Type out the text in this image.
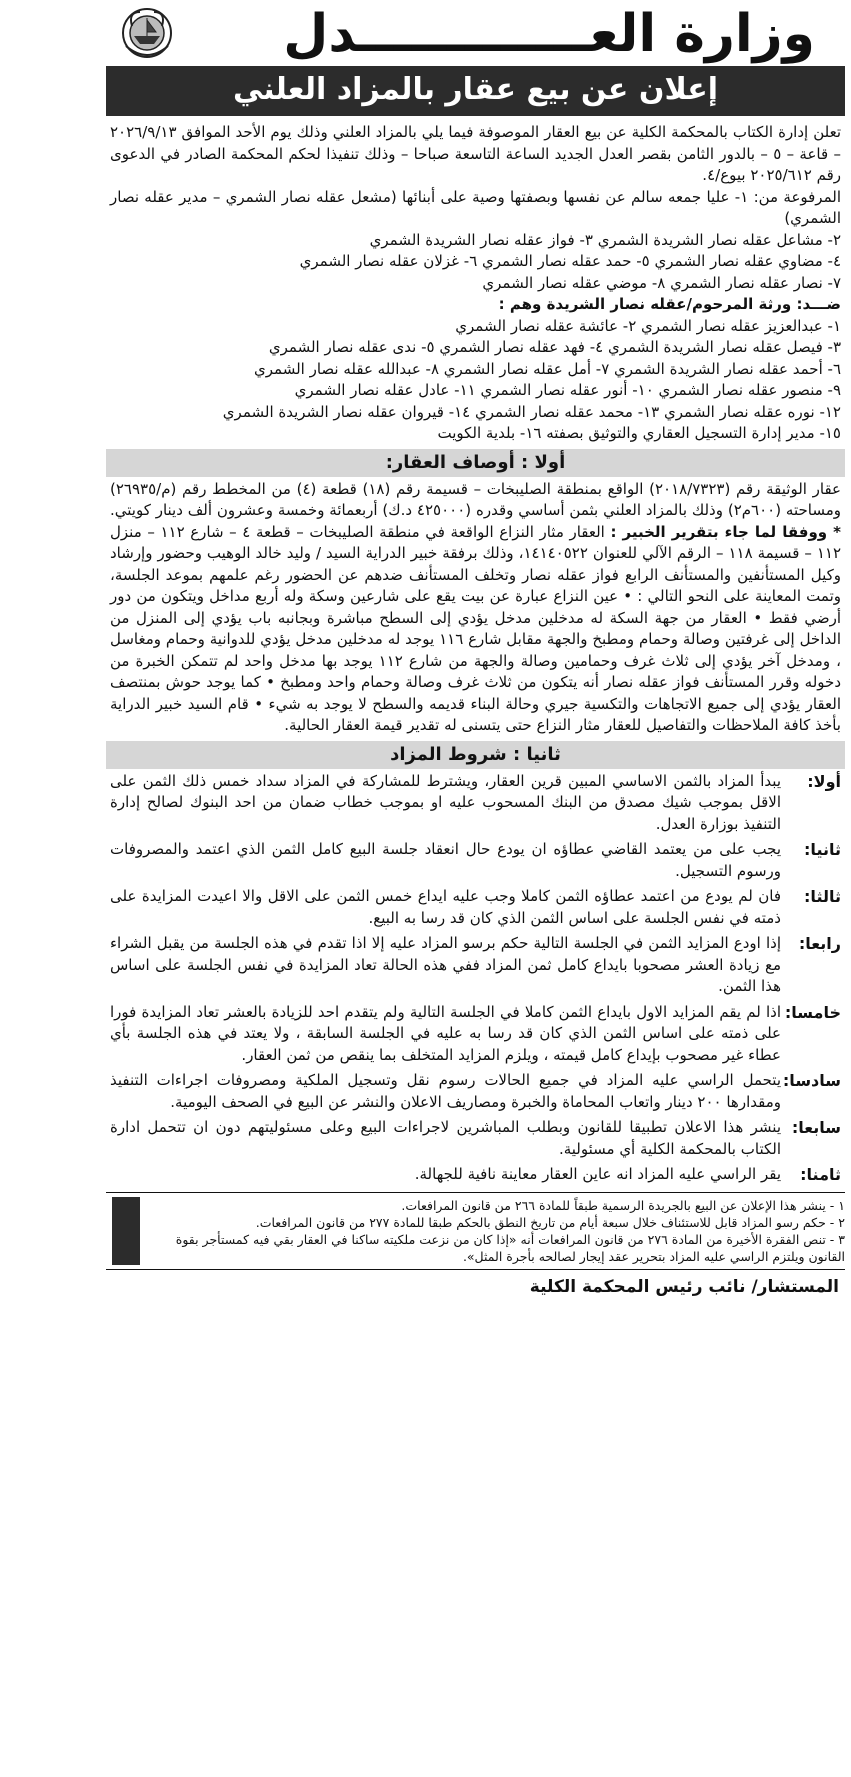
وزارة العـــــــــــــدل
إعلان عن بيع عقار بالمزاد العلني

تعلن إدارة الكتاب بالمحكمة الكلية عن بيع العقار الموصوفة فيما يلي بالمزاد العلني وذلك يوم الأحد الموافق ٢٠٢٦/٩/١٣ – قاعة – ٥ – بالدور الثامن بقصر العدل الجديد الساعة التاسعة صباحا – وذلك تنفيذا لحكم المحكمة الصادر في الدعوى رقم ٢٠٢٥/٦١٢ بيوع/٤.

المرفوعة من: ١- عليا جمعه سالم عن نفسها وبصفتها وصية على أبنائها (مشعل عقله نصار الشمري – مدير عقله نصار الشمري)

٢- مشاعل عقله نصار الشريدة الشمري ٣- فواز عقله نصار الشريدة الشمري

٤- مضاوي عقله نصار الشمري ٥- حمد عقله نصار الشمري ٦- غزلان عقله نصار الشمري

٧- نصار عقله نصار الشمري ٨- موضي عقله نصار الشمري

ضـــد: ورثة المرحوم/عقله نصار الشريدة وهم :

١- عبدالعزيز عقله نصار الشمري ٢- عائشة عقله نصار الشمري

٣- فيصل عقله نصار الشريدة الشمري ٤- فهد عقله نصار الشمري ٥- ندى عقله نصار الشمري

٦- أحمد عقله نصار الشريدة الشمري ٧- أمل عقله نصار الشمري ٨- عبدالله عقله نصار الشمري

٩- منصور عقله نصار الشمري ١٠- أنور عقله نصار الشمري ١١- عادل عقله نصار الشمري

١٢- نوره عقله نصار الشمري ١٣- محمد عقله نصار الشمري ١٤- قيروان عقله نصار الشريدة الشمري

١٥- مدير إدارة التسجيل العقاري والتوثيق بصفته ١٦- بلدية الكويت

أولا : أوصاف العقار:

عقار الوثيقة رقم (٢٠١٨/٧٣٢٣) الواقع بمنطقة الصليبخات – قسيمة رقم (١٨) قطعة (٤) من المخطط رقم (م/٢٦٩٣٥) ومساحته (٦٠٠م٢) وذلك بالمزاد العلني بثمن أساسي وقدره (٤٢٥٠٠٠ د.ك) أربعمائة وخمسة وعشرون ألف دينار كويتي. * ووفقا لما جاء بتقرير الخبير : العقار مثار النزاع الواقعة في منطقة الصليبخات – قطعة ٤ – شارع ١١٢ – منزل ١١٢ – قسيمة ١١٨ – الرقم الآلي للعنوان ١٤١٤٠٥٢٢، وذلك برفقة خبير الدراية السيد / وليد خالد الوهيب وحضور وإرشاد وكيل المستأنفين والمستأنف الرابع فواز عقله نصار وتخلف المستأنف ضدهم عن الحضور رغم علمهم بموعد الجلسة، وتمت المعاينة على النحو التالي : • عين النزاع عبارة عن بيت يقع على شارعين وسكة وله أربع مداخل ويتكون من دور أرضي فقط • العقار من جهة السكة له مدخلين مدخل يؤدي إلى السطح مباشرة وبجانبه باب يؤدي إلى المنزل من الداخل إلى غرفتين وصالة وحمام ومطبخ والجهة مقابل شارع ١١٦ يوجد له مدخلين مدخل يؤدي للدوانية وحمام ومغاسل ، ومدخل آخر يؤدي إلى ثلاث غرف وحمامين وصالة والجهة من شارع ١١٢ يوجد بها مدخل واحد لم تتمكن الخبرة من دخوله وقرر المستأنف فواز عقله نصار أنه يتكون من ثلاث غرف وصالة وحمام واحد ومطبخ • كما يوجد حوش بمنتصف العقار يؤدي إلى جميع الاتجاهات والتكسية جيري وحالة البناء قديمه والسطح لا يوجد به شيء • قام السيد خبير الدراية بأخذ كافة الملاحظات والتفاصيل للعقار مثار النزاع حتى يتسنى له تقدير قيمة العقار الحالية.

ثانيا : شروط المزاد
أولا:
يبدأ المزاد بالثمن الاساسي المبين قرين العقار، ويشترط للمشاركة في المزاد سداد خمس ذلك الثمن على الاقل بموجب شيك مصدق من البنك المسحوب عليه او بموجب خطاب ضمان من احد البنوك لصالح إدارة التنفيذ بوزارة العدل.
ثانيا:
يجب على من يعتمد القاضي عطاؤه ان يودع حال انعقاد جلسة البيع كامل الثمن الذي اعتمد والمصروفات ورسوم التسجيل.
ثالثا:
فان لم يودع من اعتمد عطاؤه الثمن كاملا وجب عليه ايداع خمس الثمن على الاقل والا اعيدت المزايدة على ذمته في نفس الجلسة على اساس الثمن الذي كان قد رسا به البيع.
رابعا:
إذا اودع المزايد الثمن في الجلسة التالية حكم برسو المزاد عليه إلا اذا تقدم في هذه الجلسة من يقبل الشراء مع زيادة العشر مصحوبا بايداع كامل ثمن المزاد ففي هذه الحالة تعاد المزايدة في نفس الجلسة على اساس هذا الثمن.
خامسا:
اذا لم يقم المزايد الاول بايداع الثمن كاملا في الجلسة التالية ولم يتقدم احد للزيادة بالعشر تعاد المزايدة فورا على ذمته على اساس الثمن الذي كان قد رسا به عليه في الجلسة السابقة ، ولا يعتد في هذه الجلسة بأي عطاء غير مصحوب بإيداع كامل قيمته ، ويلزم المزايد المتخلف بما ينقص من ثمن العقار.
سادسا:
يتحمل الراسي عليه المزاد في جميع الحالات رسوم نقل وتسجيل الملكية ومصروفات اجراءات التنفيذ ومقدارها ٢٠٠ دينار واتعاب المحاماة والخبرة ومصاريف الاعلان والنشر عن البيع في الصحف اليومية.
سابعا:
ينشر هذا الاعلان تطبيقا للقانون وبطلب المباشرين لاجراءات البيع وعلى مسئوليتهم دون ان تتحمل ادارة الكتاب بالمحكمة الكلية أي مسئولية.
ثامنا:
يقر الراسي عليه المزاد انه عاين العقار معاينة نافية للجهالة.
١ - ينشر هذا الإعلان عن البيع بالجريدة الرسمية طبقاً للمادة ٢٦٦ من قانون المرافعات.
٢ - حكم رسو المزاد قابل للاستئناف خلال سبعة أيام من تاريخ النطق بالحكم طبقا للمادة ٢٧٧ من قانون المرافعات.
٣ - تنص الفقرة الأخيرة من المادة ٢٧٦ من قانون المرافعات أنه «إذا كان من نزعت ملكيته ساكنا في العقار بقي فيه كمستأجر بقوة القانون ويلتزم الراسي عليه المزاد بتحرير عقد إيجار لصالحه بأجرة المثل».
المستشار/ نائب رئيس المحكمة الكلية
